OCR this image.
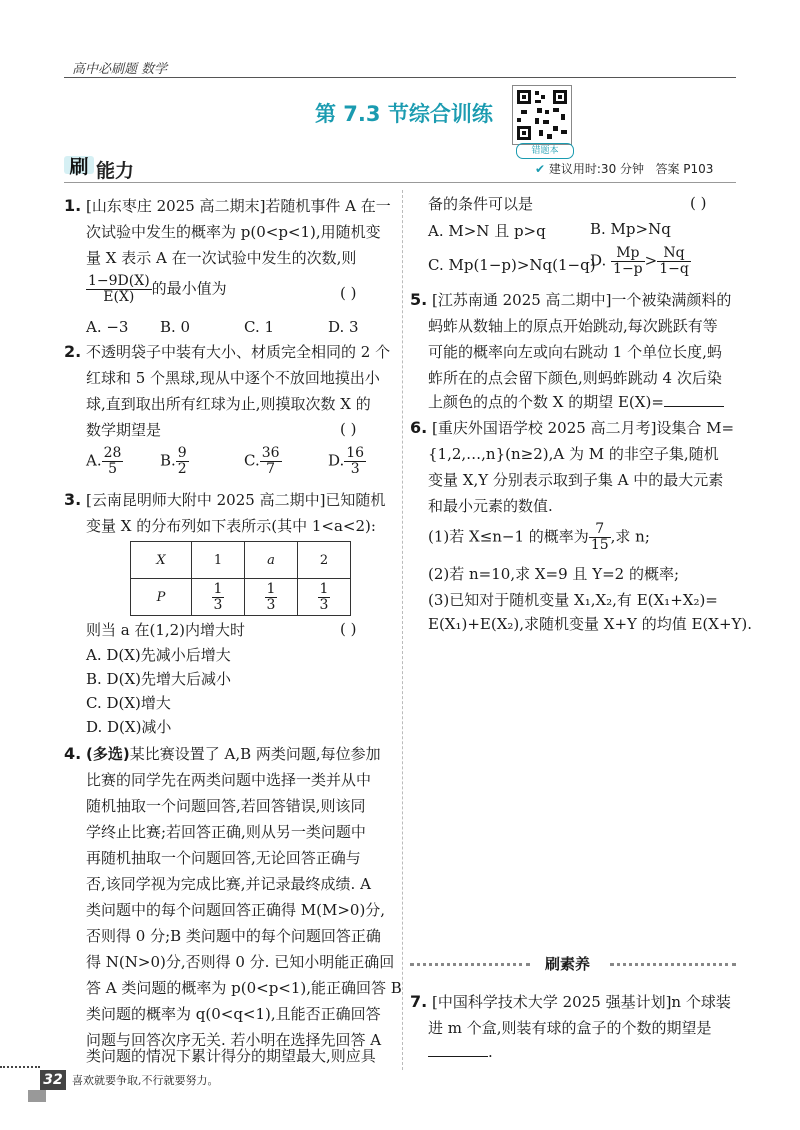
高中必刷题 数学
第 7.3 节综合训练
错题本
刷 能力	✔ 建议用时:30 分钟 答案 P103
1. [山东枣庄 2025 高二期末]若随机事件 A 在一
次试验中发生的概率为 p(0<p<1),用随机变
量 X 表示 A 在一次试验中发生的次数,则
$\frac{1-9D(X)}{E(X)}$ 的最小值为	( )
A. −3 B. 0	C. 1	D. 3
2. 不透明袋子中装有大小、材质完全相同的 2 个
红球和 5 个黑球,现从中逐个不放回地摸出小
球,直到取出所有红球为止,则摸取次数 X 的
数学期望是	( )
A. $\frac{28}{5} B$. $\frac{9}{2}$	C. $\frac{36}{7}$	D. $\frac{16}{3}$
3. [云南昆明师大附中 2025 高二期中]已知随机
变量 X 的分布列如下表所示(其中 1<a<2):
X	1	a	2
P	$\frac{1}{3}$	$\frac{1}{3}$	$\frac{1}{3}$
则当 a 在(1,2)内增大时	( )
A. D(X)先减小后增大
B. D(X)先增大后减小
C. D(X)增大
D. D(X)减小
4. (多选)某比赛设置了 A,B 两类问题,每位参加
比赛的同学先在两类问题中选择一类并从中
随机抽取一个问题回答,若回答错误,则该同
学终止比赛;若回答正确,则从另一类问题中
再随机抽取一个问题回答,无论回答正确与
否,该同学视为完成比赛,并记录最终成绩. A
类问题中的每个问题回答正确得 M(M>0)分,
否则得 0 分;B 类问题中的每个问题回答正确
得 N(N>0)分,否则得 0 分. 已知小明能正确回
答 A 类问题的概率为 p(0<p<1),能正确回答 B
类问题的概率为 q(0<q<1),且能否正确回答
问题与回答次序无关. 若小明在选择先回答 A
类问题的情况下累计得分的期望最大,则应具
备的条件可以是	( )
A. M>N 且 p>q	B. Mp>Nq
C. Mp(1−p)>Nq(1−q)
D. $\frac{Mp}{1-p} > \frac{Nq}{1-q}$
5. [江苏南通 2025 高二期中]一个被染满颜料的
蚂蚱从数轴上的原点开始跳动,每次跳跃有等
可能的概率向左或向右跳动 1 个单位长度,蚂
蚱所在的点会留下颜色,则蚂蚱跳动 4 次后染
上颜色的点的个数 X 的期望 E(X)=
6. [重庆外国语学校 2025 高二月考]设集合 M=
{1,2,…,n}(n≥2),A 为 M 的非空子集,随机
变量 X,Y 分别表示取到子集 A 中的最大元素
和最小元素的数值.
(1)若 X≤n−1 的概率为 $\frac{7}{15}$ ,求 n;
(2)若 n=10,求 X=9 且 Y=2 的概率;
(3)已知对于随机变量 X₁,X₂,有 E(X₁+X₂)=
E(X₁)+E(X₂),求随机变量 X+Y 的均值 E(X+Y).
刷素养
7. [中国科学技术大学 2025 强基计划]n 个球装
进 m 个盒,则装有球的盒子的个数的期望是
.
32 喜欢就要争取,不行就要努力。
